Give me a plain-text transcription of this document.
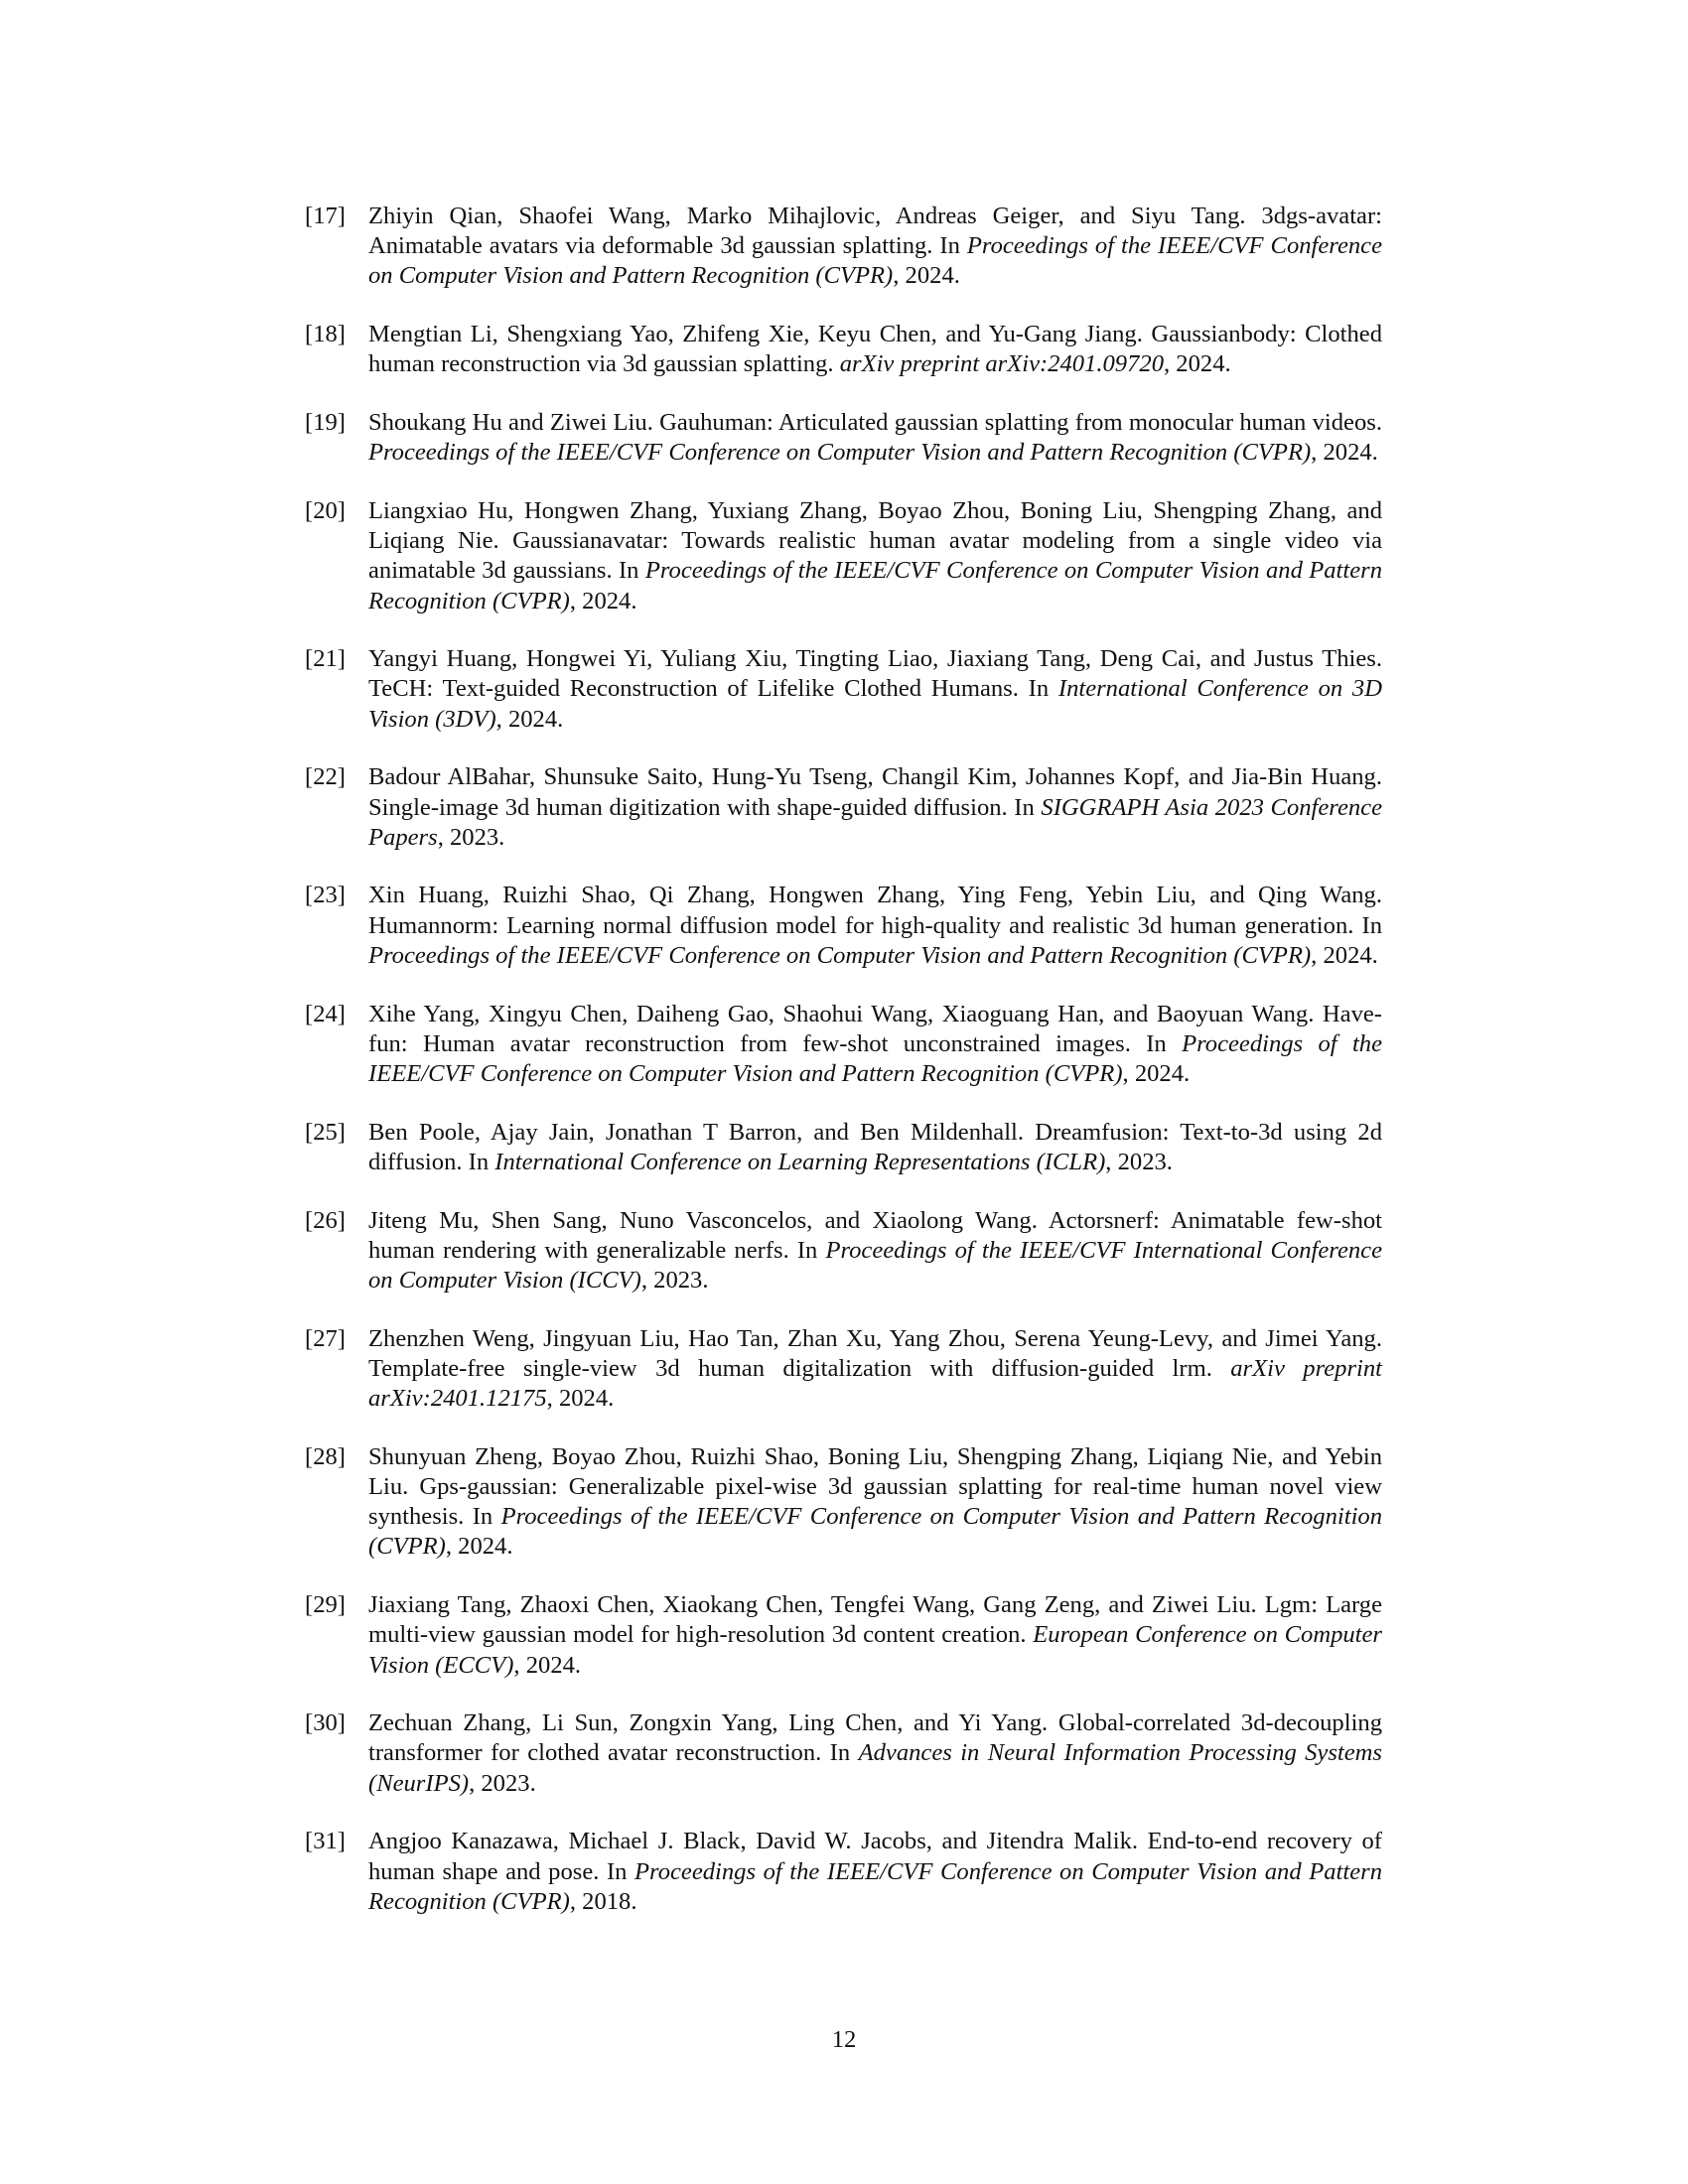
[17] Zhiyin Qian, Shaofei Wang, Marko Mihajlovic, Andreas Geiger, and Siyu Tang. 3dgs-avatar: Animatable avatars via deformable 3d gaussian splatting. In Proceedings of the IEEE/CVF Conference on Computer Vision and Pattern Recognition (CVPR), 2024.
[18] Mengtian Li, Shengxiang Yao, Zhifeng Xie, Keyu Chen, and Yu-Gang Jiang. Gaussianbody: Clothed human reconstruction via 3d gaussian splatting. arXiv preprint arXiv:2401.09720, 2024.
[19] Shoukang Hu and Ziwei Liu. Gauhuman: Articulated gaussian splatting from monocular human videos. Proceedings of the IEEE/CVF Conference on Computer Vision and Pattern Recognition (CVPR), 2024.
[20] Liangxiao Hu, Hongwen Zhang, Yuxiang Zhang, Boyao Zhou, Boning Liu, Shengping Zhang, and Liqiang Nie. Gaussianavatar: Towards realistic human avatar modeling from a single video via animatable 3d gaussians. In Proceedings of the IEEE/CVF Conference on Computer Vision and Pattern Recognition (CVPR), 2024.
[21] Yangyi Huang, Hongwei Yi, Yuliang Xiu, Tingting Liao, Jiaxiang Tang, Deng Cai, and Justus Thies. TeCH: Text-guided Reconstruction of Lifelike Clothed Humans. In International Conference on 3D Vision (3DV), 2024.
[22] Badour AlBahar, Shunsuke Saito, Hung-Yu Tseng, Changil Kim, Johannes Kopf, and Jia-Bin Huang. Single-image 3d human digitization with shape-guided diffusion. In SIGGRAPH Asia 2023 Conference Papers, 2023.
[23] Xin Huang, Ruizhi Shao, Qi Zhang, Hongwen Zhang, Ying Feng, Yebin Liu, and Qing Wang. Humannorm: Learning normal diffusion model for high-quality and realistic 3d human generation. In Proceedings of the IEEE/CVF Conference on Computer Vision and Pattern Recognition (CVPR), 2024.
[24] Xihe Yang, Xingyu Chen, Daiheng Gao, Shaohui Wang, Xiaoguang Han, and Baoyuan Wang. Have-fun: Human avatar reconstruction from few-shot unconstrained images. In Proceedings of the IEEE/CVF Conference on Computer Vision and Pattern Recognition (CVPR), 2024.
[25] Ben Poole, Ajay Jain, Jonathan T Barron, and Ben Mildenhall. Dreamfusion: Text-to-3d using 2d diffusion. In International Conference on Learning Representations (ICLR), 2023.
[26] Jiteng Mu, Shen Sang, Nuno Vasconcelos, and Xiaolong Wang. Actorsnerf: Animatable few-shot human rendering with generalizable nerfs. In Proceedings of the IEEE/CVF International Conference on Computer Vision (ICCV), 2023.
[27] Zhenzhen Weng, Jingyuan Liu, Hao Tan, Zhan Xu, Yang Zhou, Serena Yeung-Levy, and Jimei Yang. Template-free single-view 3d human digitalization with diffusion-guided lrm. arXiv preprint arXiv:2401.12175, 2024.
[28] Shunyuan Zheng, Boyao Zhou, Ruizhi Shao, Boning Liu, Shengping Zhang, Liqiang Nie, and Yebin Liu. Gps-gaussian: Generalizable pixel-wise 3d gaussian splatting for real-time human novel view synthesis. In Proceedings of the IEEE/CVF Conference on Computer Vision and Pattern Recognition (CVPR), 2024.
[29] Jiaxiang Tang, Zhaoxi Chen, Xiaokang Chen, Tengfei Wang, Gang Zeng, and Ziwei Liu. Lgm: Large multi-view gaussian model for high-resolution 3d content creation. European Conference on Computer Vision (ECCV), 2024.
[30] Zechuan Zhang, Li Sun, Zongxin Yang, Ling Chen, and Yi Yang. Global-correlated 3d-decoupling transformer for clothed avatar reconstruction. In Advances in Neural Information Processing Systems (NeurIPS), 2023.
[31] Angjoo Kanazawa, Michael J. Black, David W. Jacobs, and Jitendra Malik. End-to-end recovery of human shape and pose. In Proceedings of the IEEE/CVF Conference on Computer Vision and Pattern Recognition (CVPR), 2018.
12
